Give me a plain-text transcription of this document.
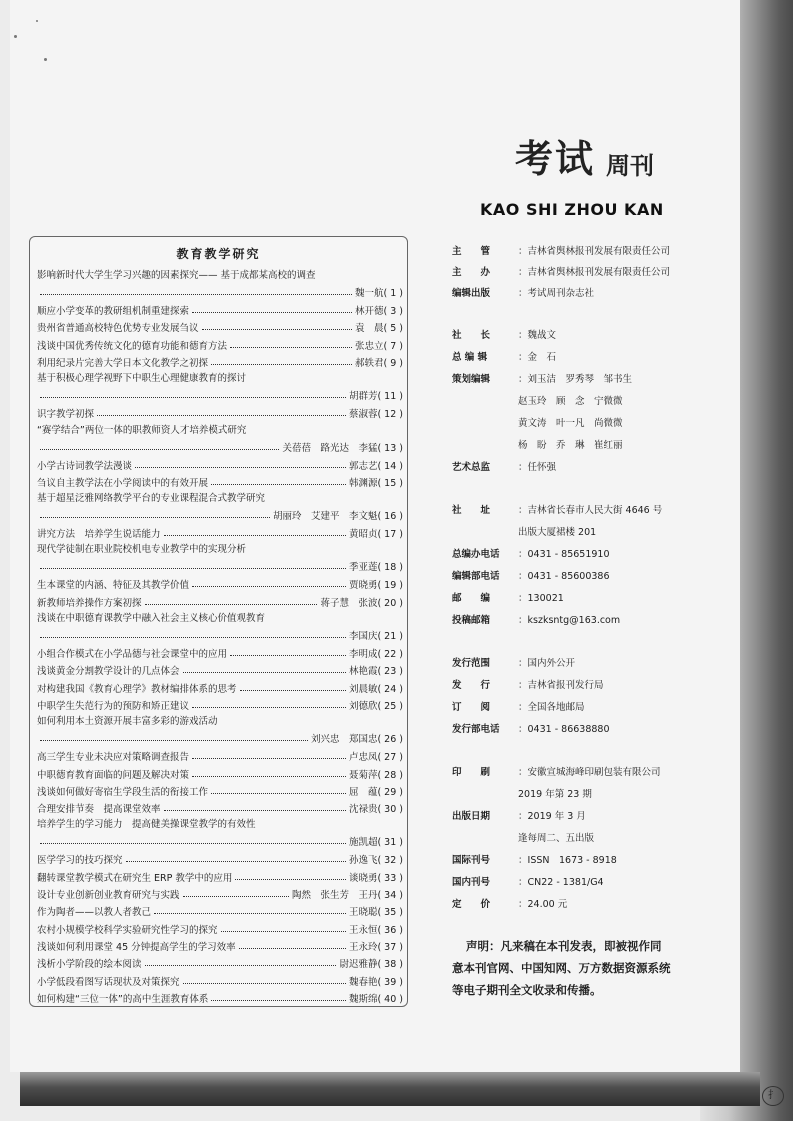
教育教学研究
影响新时代大学生学习兴趣的因素探究—— 基于成都某高校的调查
魏一航( 1 )
顺应小学变革的教研组机制重建探索	林开德( 3 )
贵州省普通高校特色优势专业发展刍议	袁　晨( 5 )
浅谈中国优秀传统文化的德育功能和德育方法	张忠立( 7 )
利用纪录片完善大学日本文化教学之初探	郝轶君( 9 )
基于积极心理学视野下中职生心理健康教育的探讨
胡群芳( 11 )
识字教学初探	蔡淑蓉( 12 )
“赛学结合”两位一体的职教师资人才培养模式研究
关蓓蓓　路光达　李猛( 13 )
小学古诗词教学法漫谈	郭志艺( 14 )
刍议自主教学法在小学阅读中的有效开展	韩渊源( 15 )
基于超星泛雅网络教学平台的专业课程混合式教学研究
胡丽玲　艾建平　李文魁( 16 )
讲究方法　培养学生说话能力	黄昭贞( 17 )
现代学徒制在职业院校机电专业教学中的实现分析
季亚莲( 18 )
生本课堂的内涵、特征及其教学价值	贾晓勇( 19 )
新教师培养操作方案初探	蒋子慧　张波( 20 )
浅谈在中职德育课教学中融入社会主义核心价值观教育
李国庆( 21 )
小组合作模式在小学品德与社会课堂中的应用	李明成( 22 )
浅谈黄金分割教学设计的几点体会	林艳霞( 23 )
对构建我国《教育心理学》教材编排体系的思考	刘晨敏( 24 )
中职学生失范行为的预防和矫正建议	刘德欣( 25 )
如何利用本土资源开展丰富多彩的游戏活动
刘兴忠　郑国忠( 26 )
高三学生专业未决应对策略调查报告	卢忠凤( 27 )
中职德育教育面临的问题及解决对策	聂菊萍( 28 )
浅谈如何做好寄宿生学段生活的衔接工作	屈　蕴( 29 )
合理安排节奏　提高课堂效率	沈禄贵( 30 )
培养学生的学习能力　提高健美操课堂教学的有效性
施凯超( 31 )
医学学习的技巧探究	孙逸飞( 32 )
翻转课堂教学模式在研究生 ERP 教学中的应用	谈晓勇( 33 )
设计专业创新创业教育研究与实践	陶然　张生芳　王丹( 34 )
作为陶者——以教人者教己	王晓聪( 35 )
农村小规模学校科学实验研究性学习的探究	王永恒( 36 )
浅谈如何利用课堂 45 分钟提高学生的学习效率	王永玲( 37 )
浅析小学阶段的绘本阅读	尉迟雅静( 38 )
小学低段看图写话现状及对策探究	魏春艳( 39 )
如何构建“三位一体”的高中生涯教育体系	魏斯绵( 40 )
考试 周刊
KAO SHI ZHOU KAN
主　　管	：吉林省舆林报刊发展有限责任公司
主　　办	：吉林省舆林报刊发展有限责任公司
编辑出版	：考试周刊杂志社
社　　长	：魏战文
总 编 辑	：金　石
策划编辑	：刘玉洁　罗秀琴　邹书生
赵玉玲　顾　念　宁微微
黄文涛　叶一凡　尚微微
杨　盼　乔　琳　崔红丽
艺术总监	：任怀强
社　　址	：吉林省长春市人民大街 4646 号
出版大厦裙楼 201
总编办电话 ：0431 - 85651910
编辑部电话 ：0431 - 85600386
邮　　编	：130021
投稿邮箱	：kszksntg@163.com
发行范围	：国内外公开
发　　行	：吉林省报刊发行局
订　　阅	：全国各地邮局
发行部电话 ：0431 - 86638880
印　　刷	：安徽宣城海峰印刷包装有限公司
2019 年第 23 期
出版日期	：2019 年 3 月
逢每周二、五出版
国际刊号	：ISSN　1673 - 8918
国内刊号	：CN22 - 1381/G4
定　　价	：24.00 元
声明：凡来稿在本刊发表，即被视作同
意本刊官网、中国知网、万方数据资源系统
等电子期刊全文收录和传播。
扌
